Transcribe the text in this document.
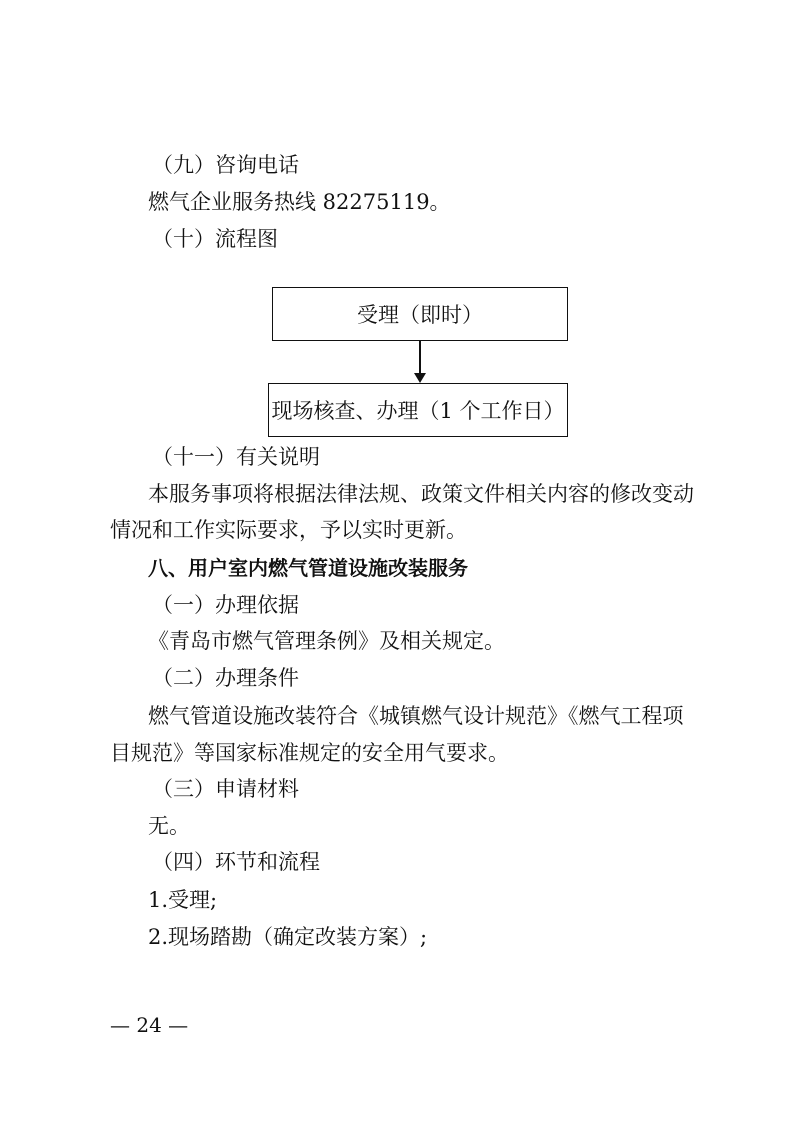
（九）咨询电话
燃气企业服务热线 82275119。
（十）流程图
受理（即时）
现场核查、办理（1 个工作日）
（十一）有关说明
本服务事项将根据法律法规、政策文件相关内容的修改变动
情况和工作实际要求，予以实时更新。
八、用户室内燃气管道设施改装服务
（一）办理依据
《青岛市燃气管理条例》及相关规定。
（二）办理条件
燃气管道设施改装符合《城镇燃气设计规范》《燃气工程项
目规范》等国家标准规定的安全用气要求。
（三）申请材料
无。
（四）环节和流程
1.受理;
2.现场踏勘（确定改装方案）;
— 24 —
